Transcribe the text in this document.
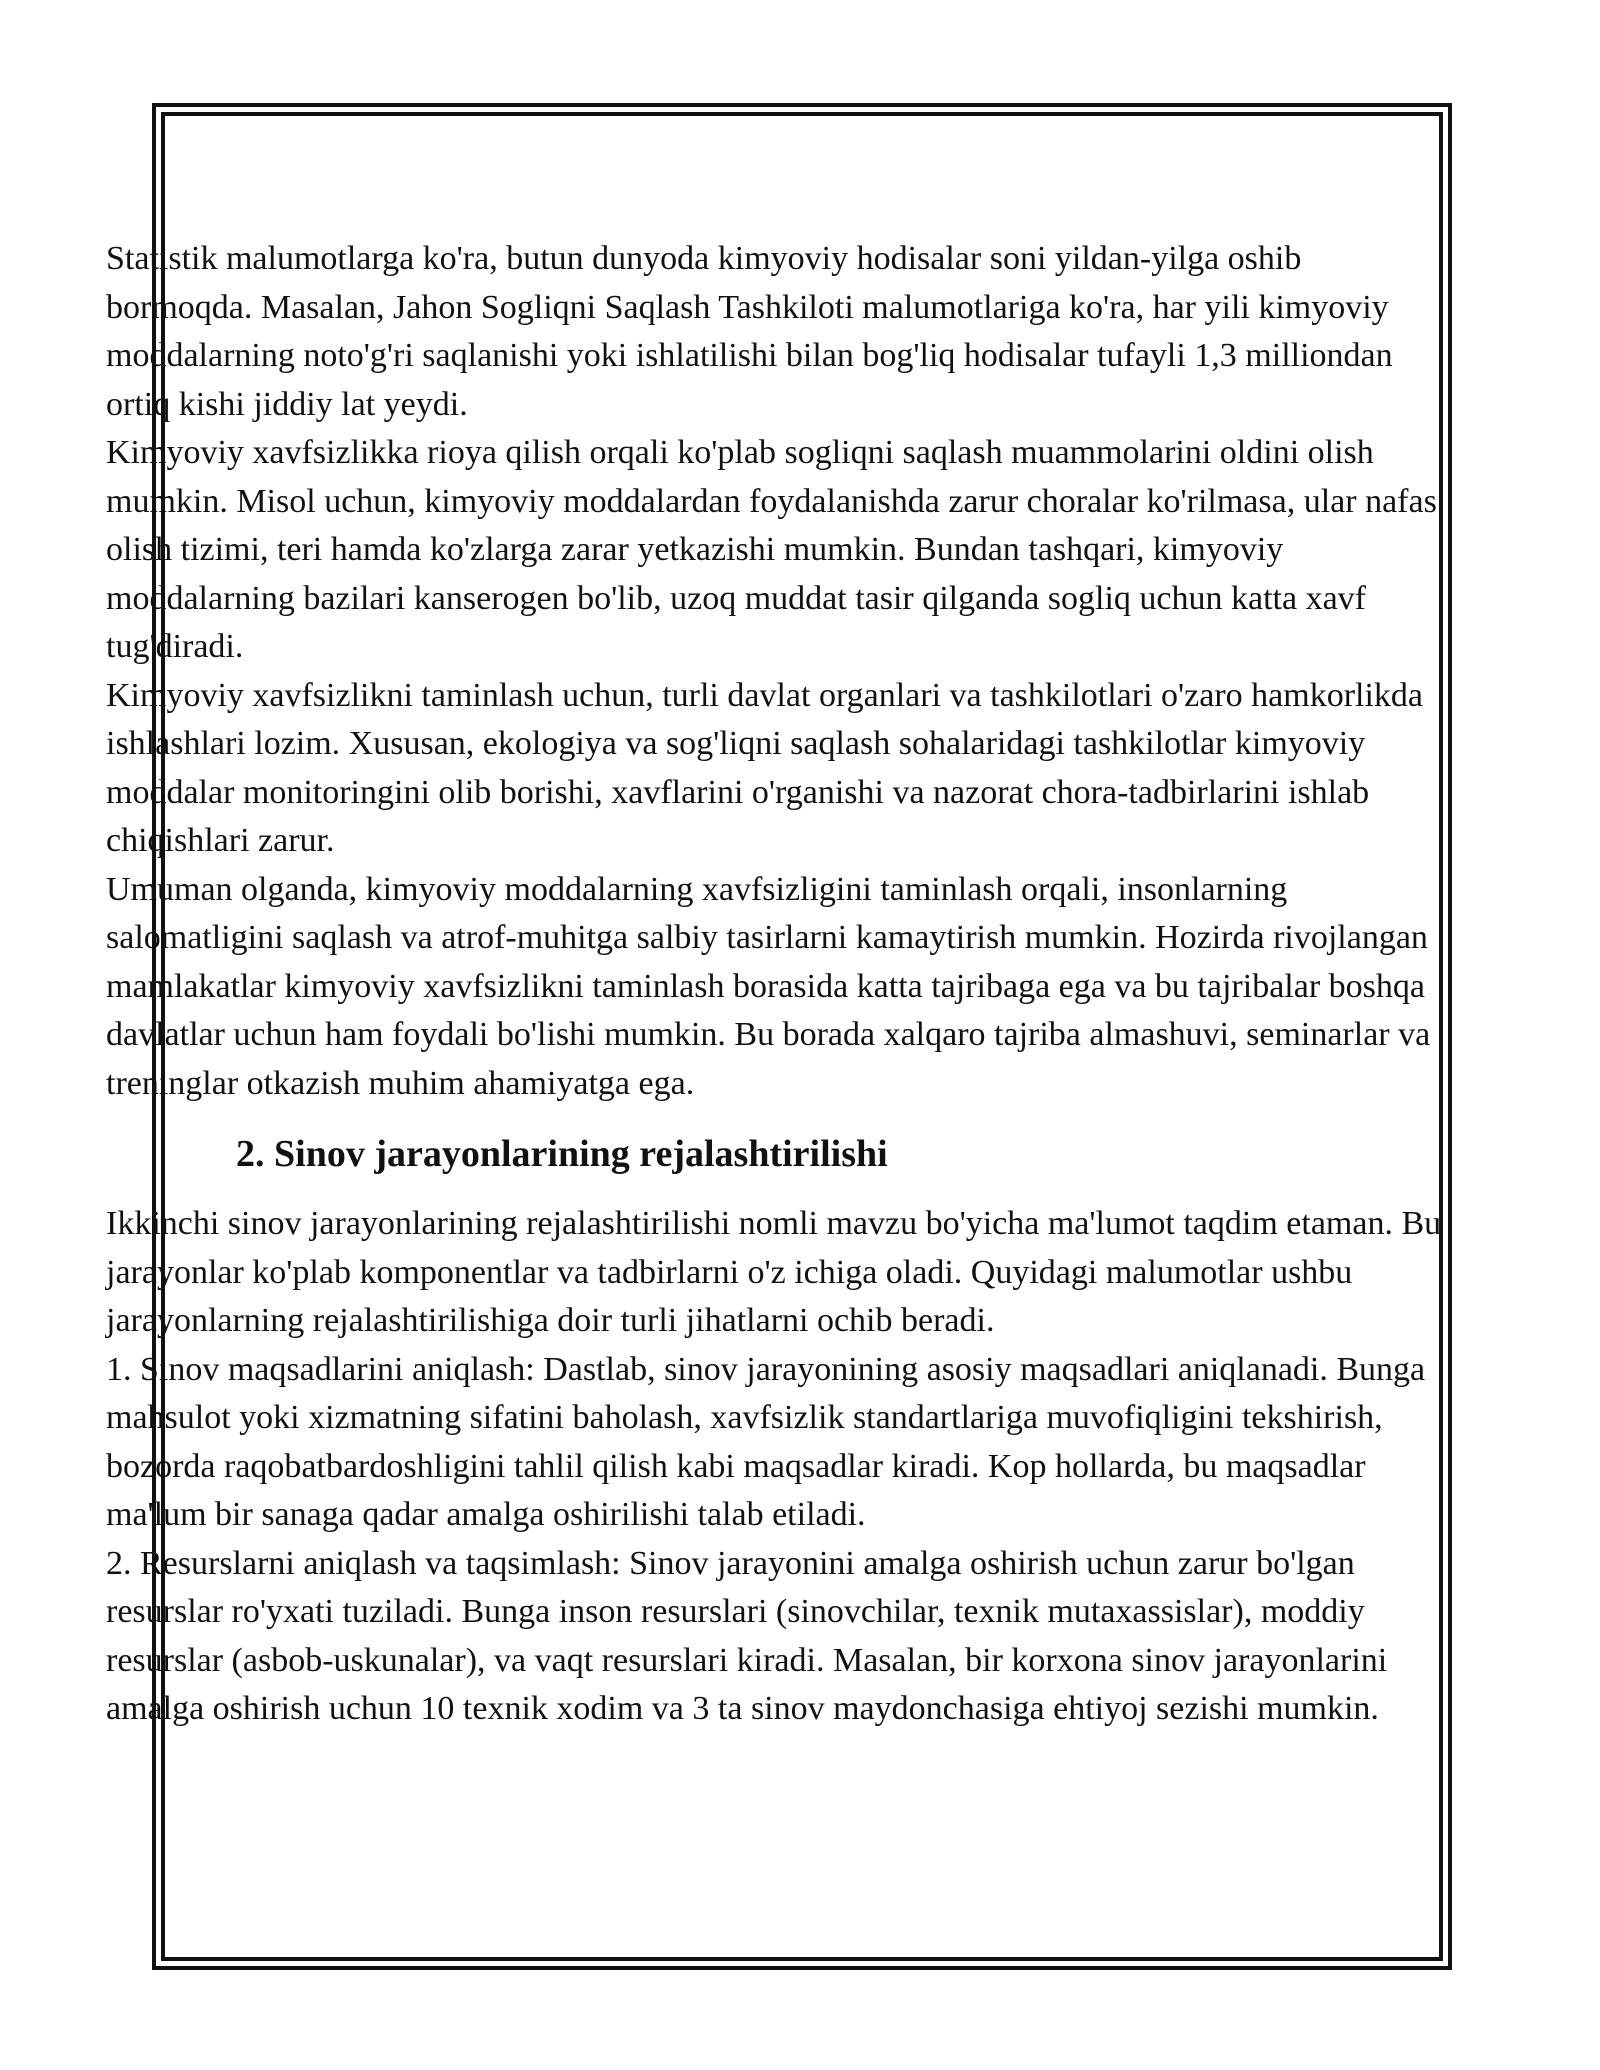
Statistik malumotlarga ko'ra, butun dunyoda kimyoviy hodisalar soni yildan-yilga oshib bormoqda. Masalan, Jahon Sogliqni Saqlash Tashkiloti malumotlariga ko'ra, har yili kimyoviy moddalarning noto'g'ri saqlanishi yoki ishlatilishi bilan bog'liq hodisalar tufayli 1,3 milliondan ortiq kishi jiddiy lat yeydi.

Kimyoviy xavfsizlikka rioya qilish orqali ko'plab sogliqni saqlash muammolarini oldini olish mumkin. Misol uchun, kimyoviy moddalardan foydalanishda zarur choralar ko'rilmasa, ular nafas olish tizimi, teri hamda ko'zlarga zarar yetkazishi mumkin. Bundan tashqari, kimyoviy moddalarning bazilari kanserogen bo'lib, uzoq muddat tasir qilganda sogliq uchun katta xavf tug'diradi.

Kimyoviy xavfsizlikni taminlash uchun, turli davlat organlari va tashkilotlari o'zaro hamkorlikda ishlashlari lozim. Xususan, ekologiya va sog'liqni saqlash sohalaridagi tashkilotlar kimyoviy moddalar monitoringini olib borishi, xavflarini o'rganishi va nazorat chora-tadbirlarini ishlab chiqishlari zarur.

Umuman olganda, kimyoviy moddalarning xavfsizligini taminlash orqali, insonlarning salomatligini saqlash va atrof-muhitga salbiy tasirlarni kamaytirish mumkin. Hozirda rivojlangan mamlakatlar kimyoviy xavfsizlikni taminlash borasida katta tajribaga ega va bu tajribalar boshqa davlatlar uchun ham foydali bo'lishi mumkin. Bu borada xalqaro tajriba almashuvi, seminarlar va treninglar otkazish muhim ahamiyatga ega.

2. Sinov jarayonlarining rejalashtirilishi

Ikkinchi sinov jarayonlarining rejalashtirilishi nomli mavzu bo'yicha ma'lumot taqdim etaman. Bu jarayonlar ko'plab komponentlar va tadbirlarni o'z ichiga oladi. Quyidagi malumotlar ushbu jarayonlarning rejalashtirilishiga doir turli jihatlarni ochib beradi.

1. Sinov maqsadlarini aniqlash: Dastlab, sinov jarayonining asosiy maqsadlari aniqlanadi. Bunga mahsulot yoki xizmatning sifatini baholash, xavfsizlik standartlariga muvofiqligini tekshirish, bozorda raqobatbardoshligini tahlil qilish kabi maqsadlar kiradi. Kop hollarda, bu maqsadlar ma'lum bir sanaga qadar amalga oshirilishi talab etiladi.

2. Resurslarni aniqlash va taqsimlash: Sinov jarayonini amalga oshirish uchun zarur bo'lgan resurslar ro'yxati tuziladi. Bunga inson resurslari (sinovchilar, texnik mutaxassislar), moddiy resurslar (asbob-uskunalar), va vaqt resurslari kiradi. Masalan, bir korxona sinov jarayonlarini amalga oshirish uchun 10 texnik xodim va 3 ta sinov maydonchasiga ehtiyoj sezishi mumkin.
